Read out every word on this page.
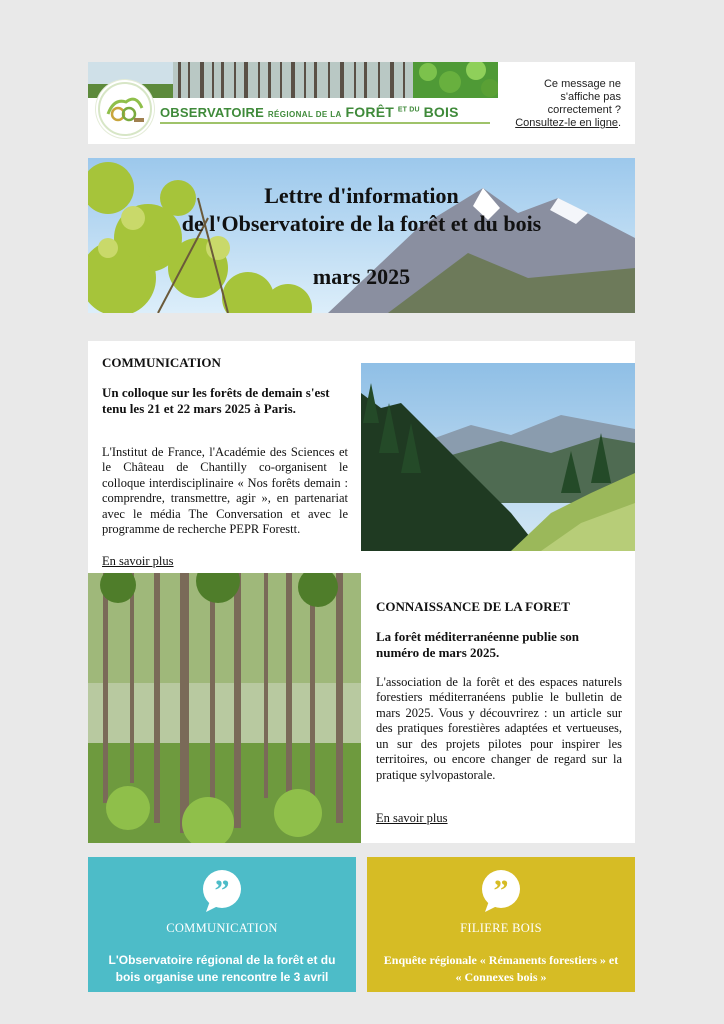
OBSERVATOIRE RÉGIONAL DE LA FORÊT $^{ET DU}$ BOIS
Ce message ne s'affiche pas correctement ?
Consultez-le en ligne.
Lettre d'information
de l'Observatoire de la forêt et du bois
mars 2025

COMMUNICATION

Un colloque sur les forêts de demain s'est tenu les 21 et 22 mars 2025 à Paris.

L'Institut de France, l'Académie des Sciences et le Château de Chantilly co-organisent le colloque interdisciplinaire « Nos forêts demain : comprendre, transmettre, agir », en partenariat avec le média The Conversation et avec le programme de recherche PEPR Forestt.

En savoir plus

CONNAISSANCE DE LA FORET

La forêt méditerranéenne publie son numéro de mars 2025.

L'association de la forêt et des espaces naturels forestiers méditerranéens publie le bulletin de mars 2025. Vous y découvrirez : un article sur des pratiques forestières adaptées et vertueuses, un sur des projets pilotes pour inspirer les territoires, ou encore changer de regard sur la pratique sylvopastorale.

En savoir plus
”
COMMUNICATION
L'Observatoire régional de la forêt et du bois organise une rencontre le 3 avril
”
FILIERE BOIS
Enquête régionale « Rémanents forestiers » et « Connexes bois »
